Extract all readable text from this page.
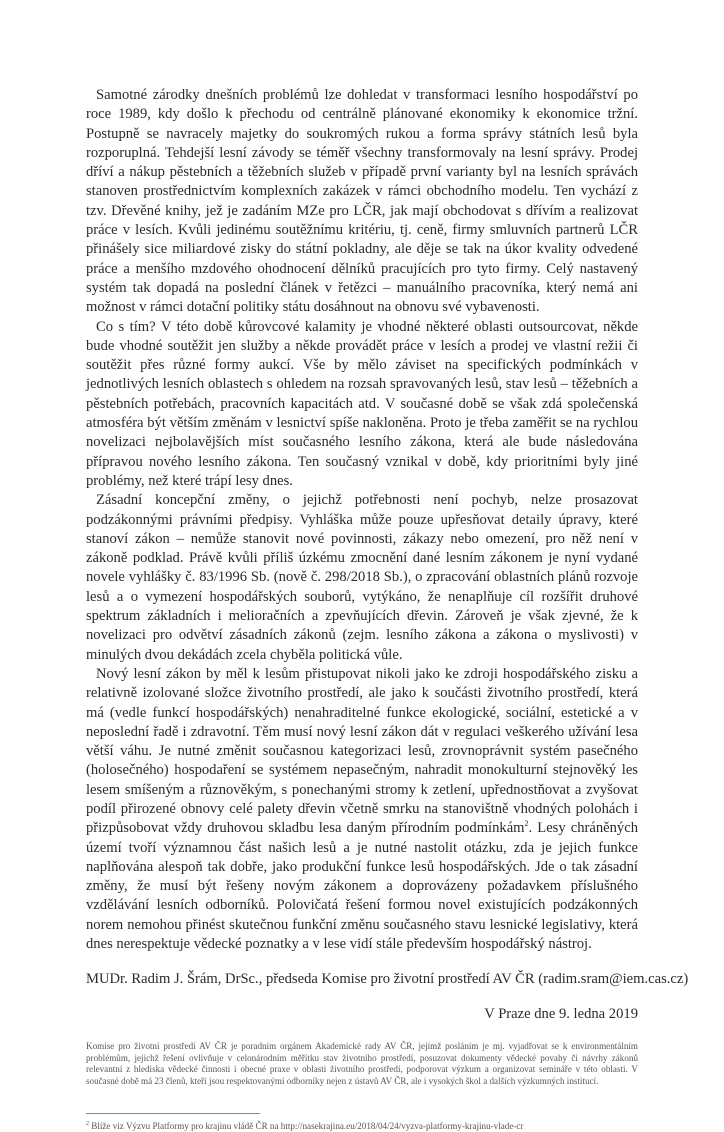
Samotné zárodky dnešních problémů lze dohledat v transformaci lesního hospodářství po roce 1989, kdy došlo k přechodu od centrálně plánované ekonomiky k ekonomice tržní. Postupně se navracely majetky do soukromých rukou a forma správy státních lesů byla rozporuplná. Tehdejší lesní závody se téměř všechny transformovaly na lesní správy. Prodej dříví a nákup pěstebních a těžebních služeb v případě první varianty byl na lesních správách stanoven prostřednictvím komplexních zakázek v rámci obchodního modelu. Ten vychází z tzv. Dřevěné knihy, jež je zadáním MZe pro LČR, jak mají obchodovat s dřívím a realizovat práce v lesích. Kvůli jedinému soutěžnímu kritériu, tj. ceně, firmy smluvních partnerů LČR přinášely sice miliardové zisky do státní pokladny, ale děje se tak na úkor kvality odvedené práce a menšího mzdového ohodnocení dělníků pracujících pro tyto firmy. Celý nastavený systém tak dopadá na poslední článek v řetězci – manuálního pracovníka, který nemá ani možnost v rámci dotační politiky státu dosáhnout na obnovu své vybavenosti.

Co s tím? V této době kůrovcové kalamity je vhodné některé oblasti outsourcovat, někde bude vhodné soutěžit jen služby a někde provádět práce v lesích a prodej ve vlastní režii či soutěžit přes různé formy aukcí. Vše by mělo záviset na specifických podmínkách v jednotlivých lesních oblastech s ohledem na rozsah spravovaných lesů, stav lesů – těžebních a pěstebních potřebách, pracovních kapacitách atd. V současné době se však zdá společenská atmosféra být větším změnám v lesnictví spíše nakloněna. Proto je třeba zaměřit se na rychlou novelizaci nejbolavějších míst současného lesního zákona, která ale bude následována přípravou nového lesního zákona. Ten současný vznikal v době, kdy prioritními byly jiné problémy, než které trápí lesy dnes.

Zásadní koncepční změny, o jejichž potřebnosti není pochyb, nelze prosazovat podzákonnými právními předpisy. Vyhláška může pouze upřesňovat detaily úpravy, které stanoví zákon – nemůže stanovit nové povinnosti, zákazy nebo omezení, pro něž není v zákoně podklad. Právě kvůli příliš úzkému zmocnění dané lesním zákonem je nyní vydané novele vyhlášky č. 83/1996 Sb. (nově č. 298/2018 Sb.), o zpracování oblastních plánů rozvoje lesů a o vymezení hospodářských souborů, vytýkáno, že nenaplňuje cíl rozšířit druhové spektrum základních i melioračních a zpevňujících dřevin. Zároveň je však zjevné, že k novelizaci pro odvětví zásadních zákonů (zejm. lesního zákona a zákona o myslivosti) v minulých dvou dekádách zcela chyběla politická vůle.

Nový lesní zákon by měl k lesům přistupovat nikoli jako ke zdroji hospodářského zisku a relativně izolované složce životního prostředí, ale jako k součásti životního prostředí, která má (vedle funkcí hospodářských) nenahraditelné funkce ekologické, sociální, estetické a v neposlední řadě i zdravotní. Těm musí nový lesní zákon dát v regulaci veškerého užívání lesa větší váhu. Je nutné změnit současnou kategorizaci lesů, zrovnoprávnit systém pasečného (holosečného) hospodaření se systémem nepasečným, nahradit monokulturní stejnověký les lesem smíšeným a různověkým, s ponechanými stromy k zetlení, upřednostňovat a zvyšovat podíl přirozené obnovy celé palety dřevin včetně smrku na stanovištně vhodných polohách i přizpůsobovat vždy druhovou skladbu lesa daným přírodním podmínkám$^2$. Lesy chráněných území tvoří významnou část našich lesů a je nutné nastolit otázku, zda je jejich funkce naplňována alespoň tak dobře, jako produkční funkce lesů hospodářských. Jde o tak zásadní změny, že musí být řešeny novým zákonem a doprovázeny požadavkem příslušného vzdělávání lesních odborníků. Polovičatá řešení formou novel existujících podzákonných norem nemohou přinést skutečnou funkční změnu současného stavu lesnické legislativy, která dnes nerespektuje vědecké poznatky a v lese vidí stále především hospodářský nástroj.

MUDr. Radim J. Šrám, DrSc., předseda Komise pro životní prostředí AV ČR (radim.sram@iem.cas.cz)

V Praze dne 9. ledna 2019

Komise pro životní prostředí AV ČR je poradním orgánem Akademické rady AV ČR, jejímž posláním je mj. vyjadřovat se k environmentálním problémům, jejichž řešení ovlivňuje v celonárodním měřítku stav životního prostředí, posuzovat dokumenty vědecké povahy či návrhy zákonů relevantní z hlediska vědecké činnosti i obecné praxe v oblasti životního prostředí, podporovat výzkum a organizovat semináře v této oblasti. V současné době má 23 členů, kteří jsou respektovanými odborníky nejen z ústavů AV ČR, ale i vysokých škol a dalších výzkumných institucí.

$^2$ Blíže viz Výzvu Platformy pro krajinu vládě ČR na http://nasekrajina.eu/2018/04/24/vyzva-platformy-krajinu-vlade-cr
